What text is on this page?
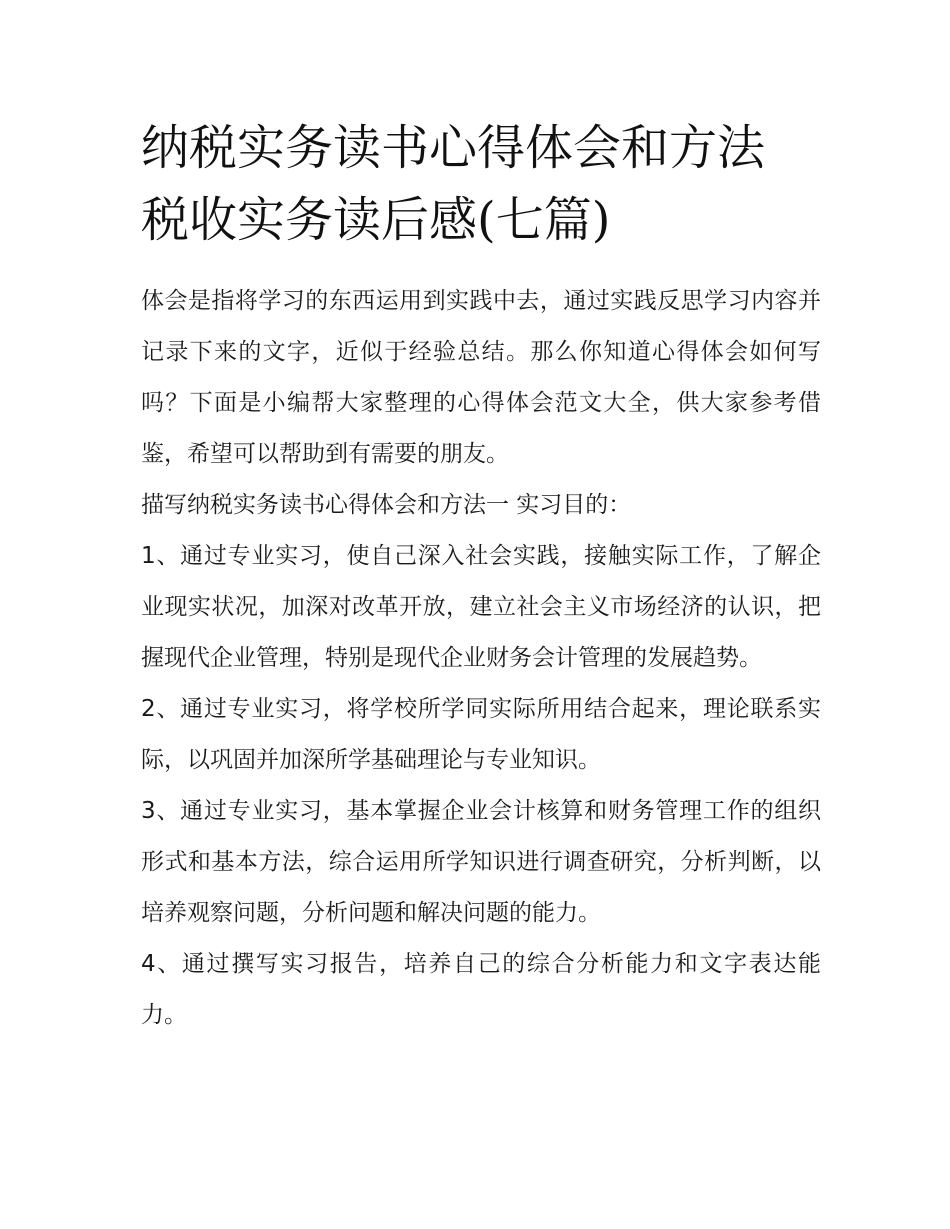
纳税实务读书心得体会和方法
税收实务读后感(七篇)

体会是指将学习的东西运用到实践中去，通过实践反思学习内容并记录下来的文字，近似于经验总结。那么你知道心得体会如何写吗？下面是小编帮大家整理的心得体会范文大全，供大家参考借鉴，希望可以帮助到有需要的朋友。

描写纳税实务读书心得体会和方法一 实习目的：

1、通过专业实习，使自己深入社会实践，接触实际工作，了解企业现实状况，加深对改革开放，建立社会主义市场经济的认识，把握现代企业管理，特别是现代企业财务会计管理的发展趋势。

2、通过专业实习，将学校所学同实际所用结合起来，理论联系实际，以巩固并加深所学基础理论与专业知识。

3、通过专业实习，基本掌握企业会计核算和财务管理工作的组织形式和基本方法，综合运用所学知识进行调查研究，分析判断，以培养观察问题，分析问题和解决问题的能力。

4、通过撰写实习报告，培养自己的综合分析能力和文字表达能力。
